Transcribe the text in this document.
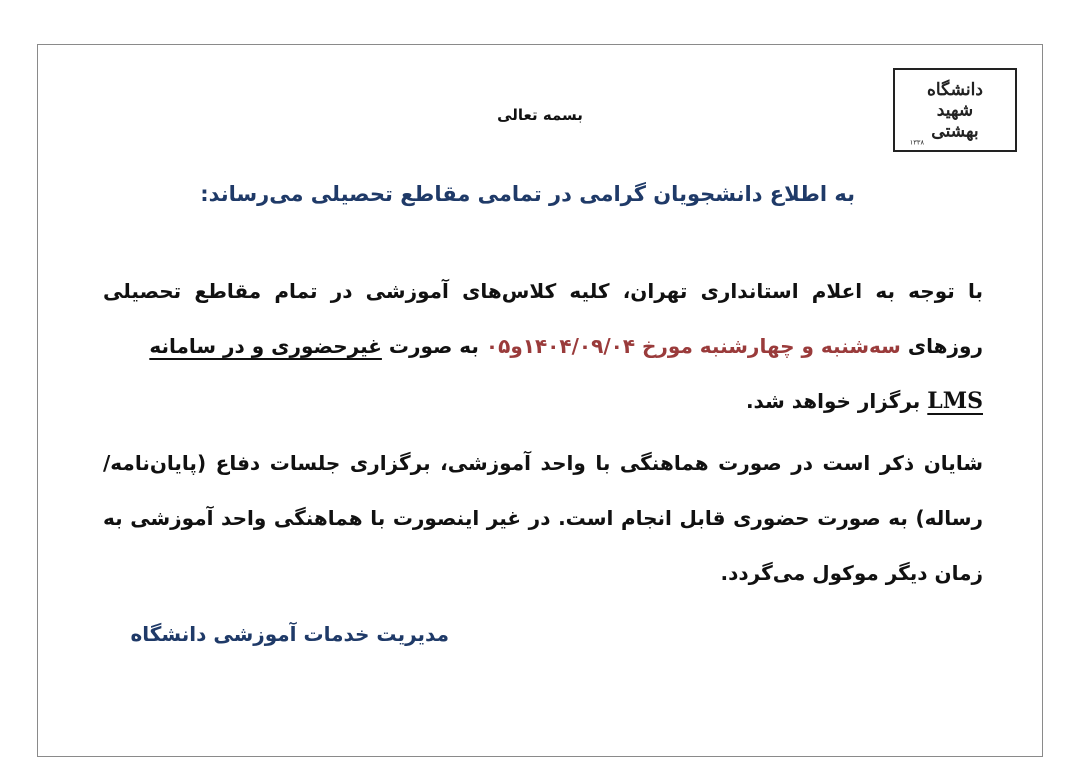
دانشگاه
شهید
بهشتی
۱۳۳۸
بسمه تعالی
به اطلاع دانشجویان گرامی در تمامی مقاطع تحصیلی می‌رساند:
با توجه به اعلام استانداری تهران، کلیه کلاس‌های آموزشی در تمام مقاطع تحصیلی روزهای سه‌شنبه و چهارشنبه مورخ ۱۴۰۴/۰۹/۰۴و۰۵ به صورت غیرحضوری و در سامانه
LMS برگزار خواهد شد.
شایان ذکر است در صورت هماهنگی با واحد آموزشی، برگزاری جلسات دفاع (پایان‌نامه/رساله) به صورت حضوری قابل انجام است. در غیر اینصورت با هماهنگی واحد آموزشی به زمان دیگر موکول می‌گردد.
مدیریت خدمات آموزشی دانشگاه
